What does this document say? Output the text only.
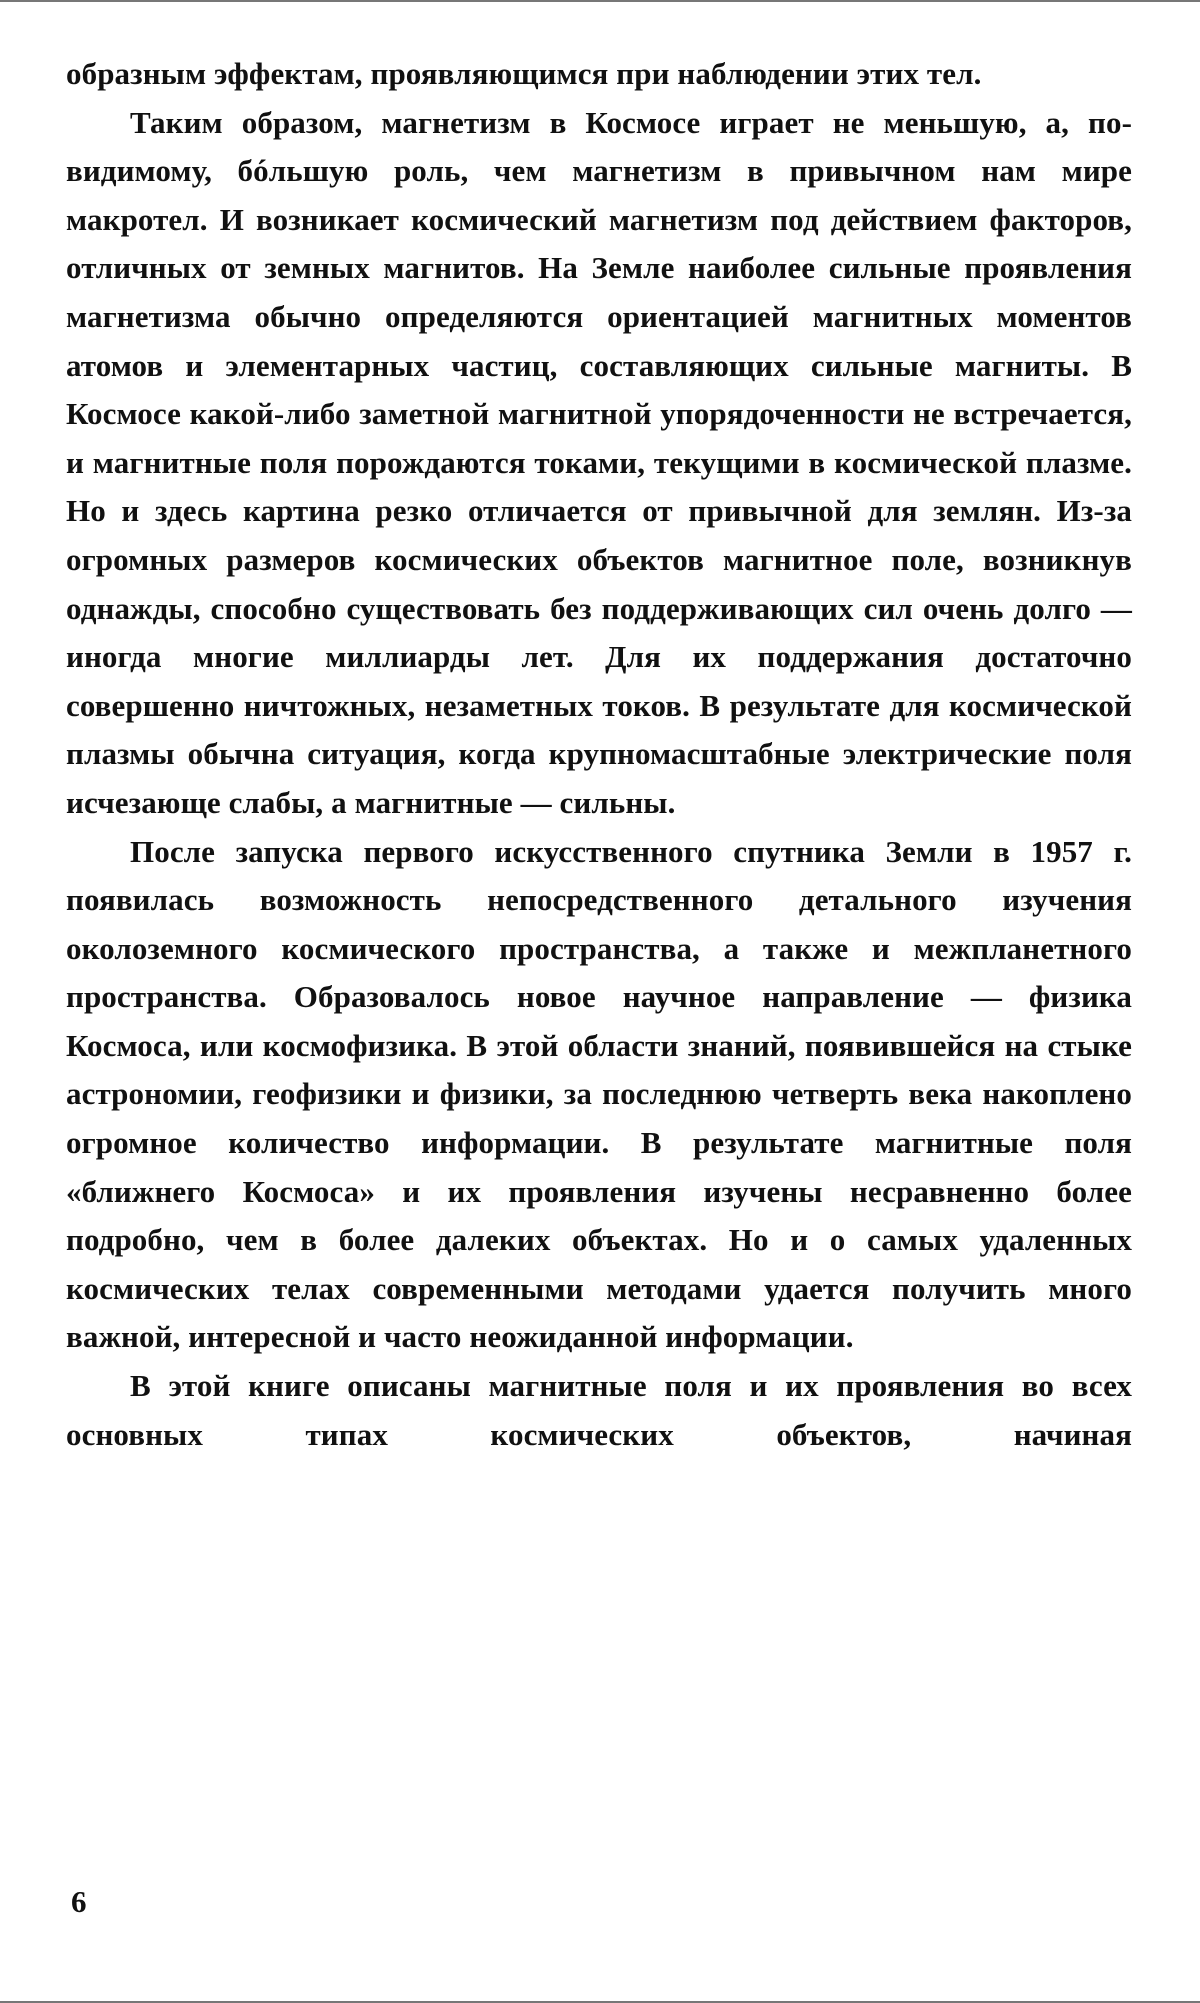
образным эффектам, проявляющимся при наблюдении этих тел.

Таким образом, магнетизм в Космосе играет не меньшую, а, по-видимому, бóльшую роль, чем магнетизм в привычном нам мире макротел. И возникает космический магнетизм под действием факторов, отличных от земных магнитов. На Земле наиболее сильные проявления магнетизма обычно определяются ориентацией магнитных моментов атомов и элементарных частиц, составляющих сильные магниты. В Космосе какой-либо заметной магнитной упорядоченности не встречается, и магнитные поля порождаются токами, текущими в космической плазме. Но и здесь картина резко отличается от привычной для землян. Из-за огромных размеров космических объектов магнитное поле, возникнув однажды, способно существовать без поддерживающих сил очень долго — иногда многие миллиарды лет. Для их поддержания достаточно совершенно ничтожных, незаметных токов. В результате для космической плазмы обычна ситуация, когда крупномасштабные электрические поля исчезающе слабы, а магнитные — сильны.

После запуска первого искусственного спутника Земли в 1957 г. появилась возможность непосредственного детального изучения околоземного космического пространства, а также и межпланетного пространства. Образовалось новое научное направление — физика Космоса, или космофизика. В этой области знаний, появившейся на стыке астрономии, геофизики и физики, за последнюю четверть века накоплено огромное количество информации. В результате магнитные поля «ближнего Космоса» и их проявления изучены несравненно более подробно, чем в более далеких объектах. Но и о самых удаленных космических телах современными методами удается получить много важной, интересной и часто неожиданной информации.

В этой книге описаны магнитные поля и их проявления во всех основных типах космических объектов, начиная

6
